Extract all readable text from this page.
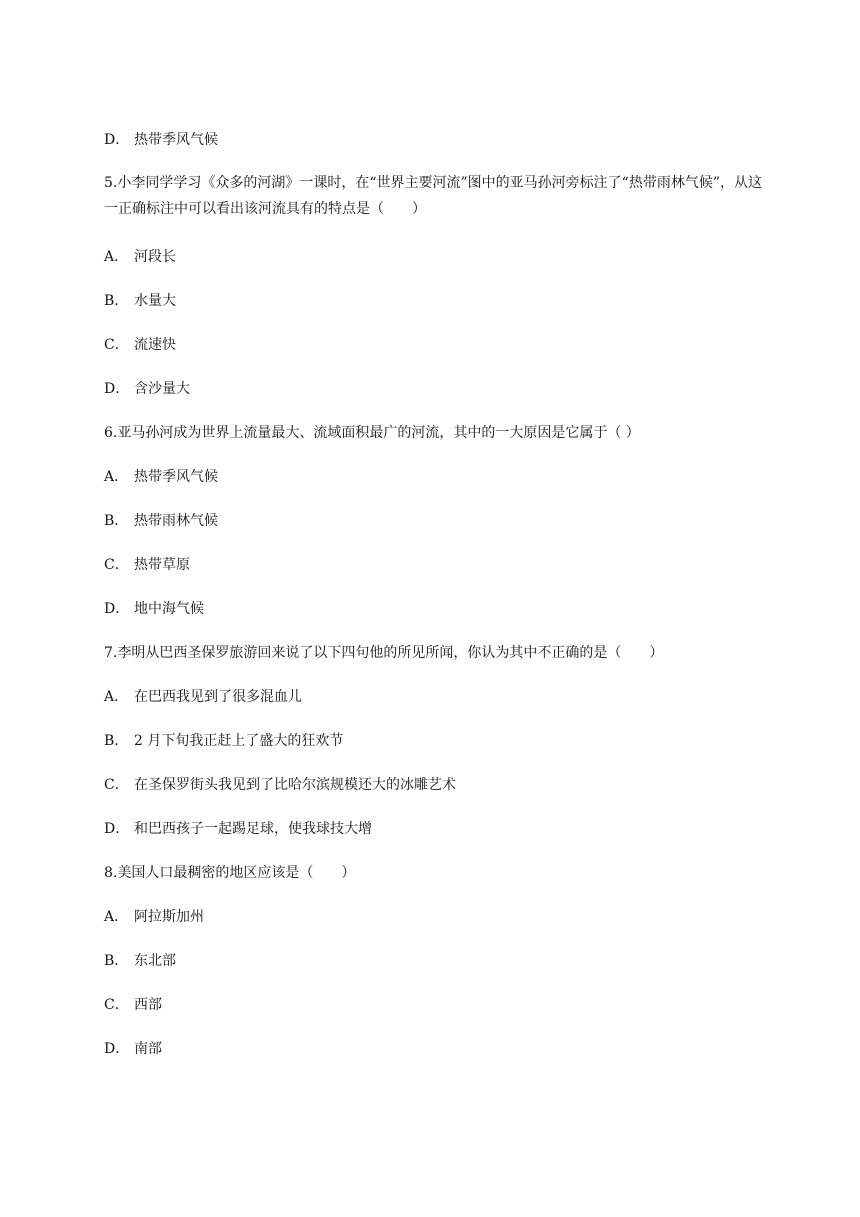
D． 热带季风气候
5.小李同学学习《众多的河湖》一课时，在“世界主要河流”图中的亚马孙河旁标注了“热带雨林气候”，从这一正确标注中可以看出该河流具有的特点是（　　）
A． 河段长
B． 水量大
C． 流速快
D． 含沙量大
6.亚马孙河成为世界上流量最大、流域面积最广的河流，其中的一大原因是它属于（ ）
A． 热带季风气候
B． 热带雨林气候
C． 热带草原
D． 地中海气候
7.李明从巴西圣保罗旅游回来说了以下四句他的所见所闻，你认为其中不正确的是（　　）
A． 在巴西我见到了很多混血儿
B． 2 月下旬我正赶上了盛大的狂欢节
C． 在圣保罗街头我见到了比哈尔滨规模还大的冰雕艺术
D． 和巴西孩子一起踢足球，使我球技大增
8.美国人口最稠密的地区应该是（　　）
A． 阿拉斯加州
B． 东北部
C． 西部
D． 南部
